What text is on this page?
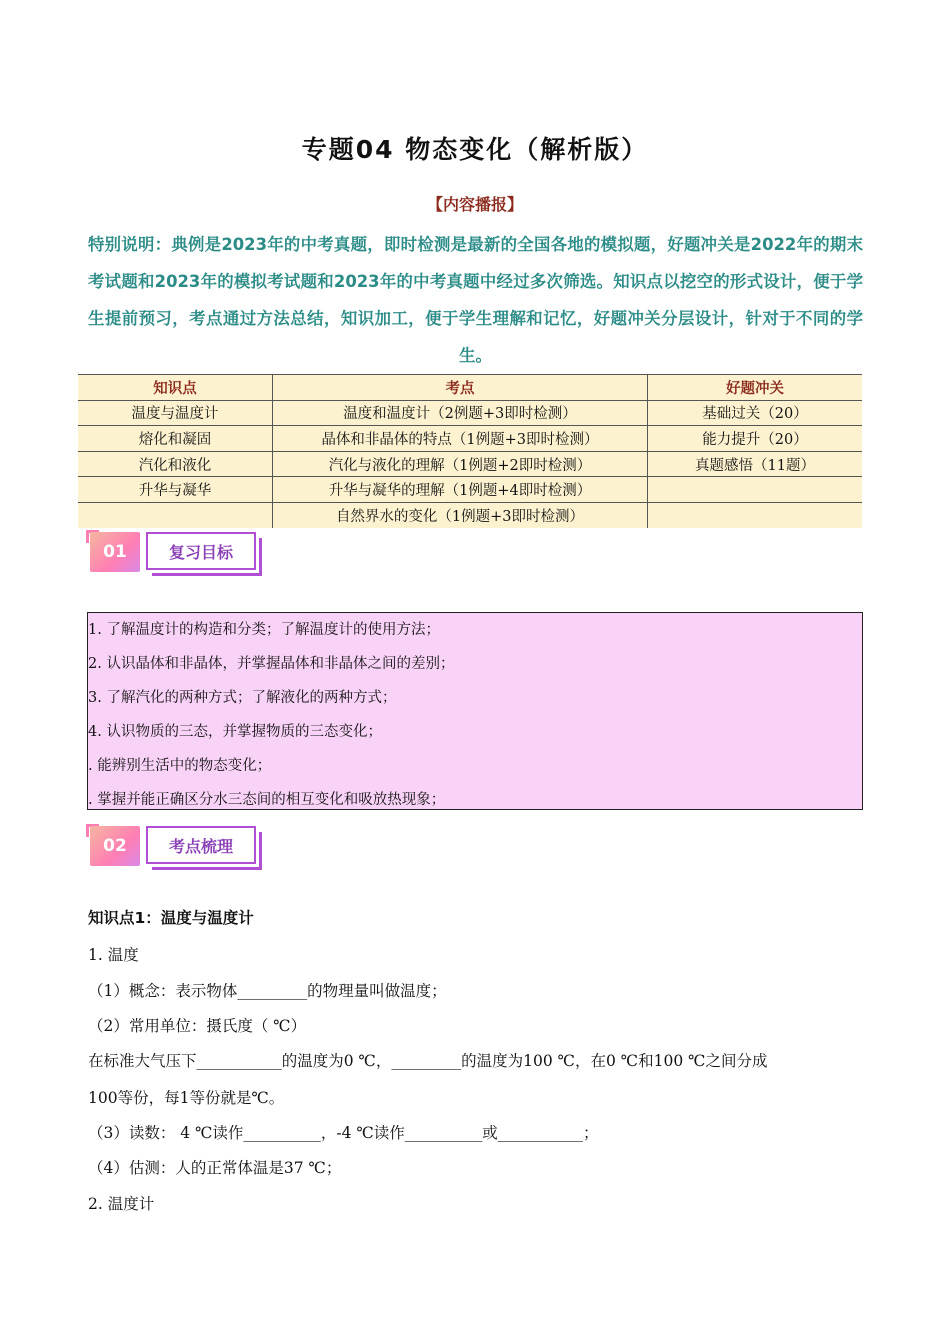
专题04 物态变化（解析版）
【内容播报】
特别说明：典例是2023年的中考真题，即时检测是最新的全国各地的模拟题，好题冲关是2022年的期末考试题和2023年的模拟考试题和2023年的中考真题中经过多次筛选。知识点以挖空的形式设计，便于学生提前预习，考点通过方法总结，知识加工，便于学生理解和记忆，好题冲关分层设计，针对于不同的学生。
知识点	考点	好题冲关
温度与温度计	温度和温度计（2例题+3即时检测）	基础过关（20）
熔化和凝固	晶体和非晶体的特点（1例题+3即时检测）	能力提升（20）
汽化和液化	汽化与液化的理解（1例题+2即时检测）	真题感悟（11题）
升华与凝华	升华与凝华的理解（1例题+4即时检测）	
	自然界水的变化（1例题+3即时检测）	
01	复习目标
1. 了解温度计的构造和分类；了解温度计的使用方法；
2. 认识晶体和非晶体，并掌握晶体和非晶体之间的差别；
3. 了解汽化的两种方式；了解液化的两种方式；
4. 认识物质的三态，并掌握物质的三态变化；
. 能辨别生活中的物态变化；
. 掌握并能正确区分水三态间的相互变化和吸放热现象；
02	考点梳理
知识点1：温度与温度计
1. 温度
（1）概念：表示物体_________的物理量叫做温度；
（2）常用单位：摄氏度（ ℃）
在标准大气压下___________的温度为0 ℃，_________的温度为100 ℃，在0 ℃和100 ℃之间分成
100等份，每1等份就是℃。
（3）读数： 4 ℃读作__________，-4 ℃读作__________或___________；
（4）估测：人的正常体温是37 ℃；
2. 温度计
